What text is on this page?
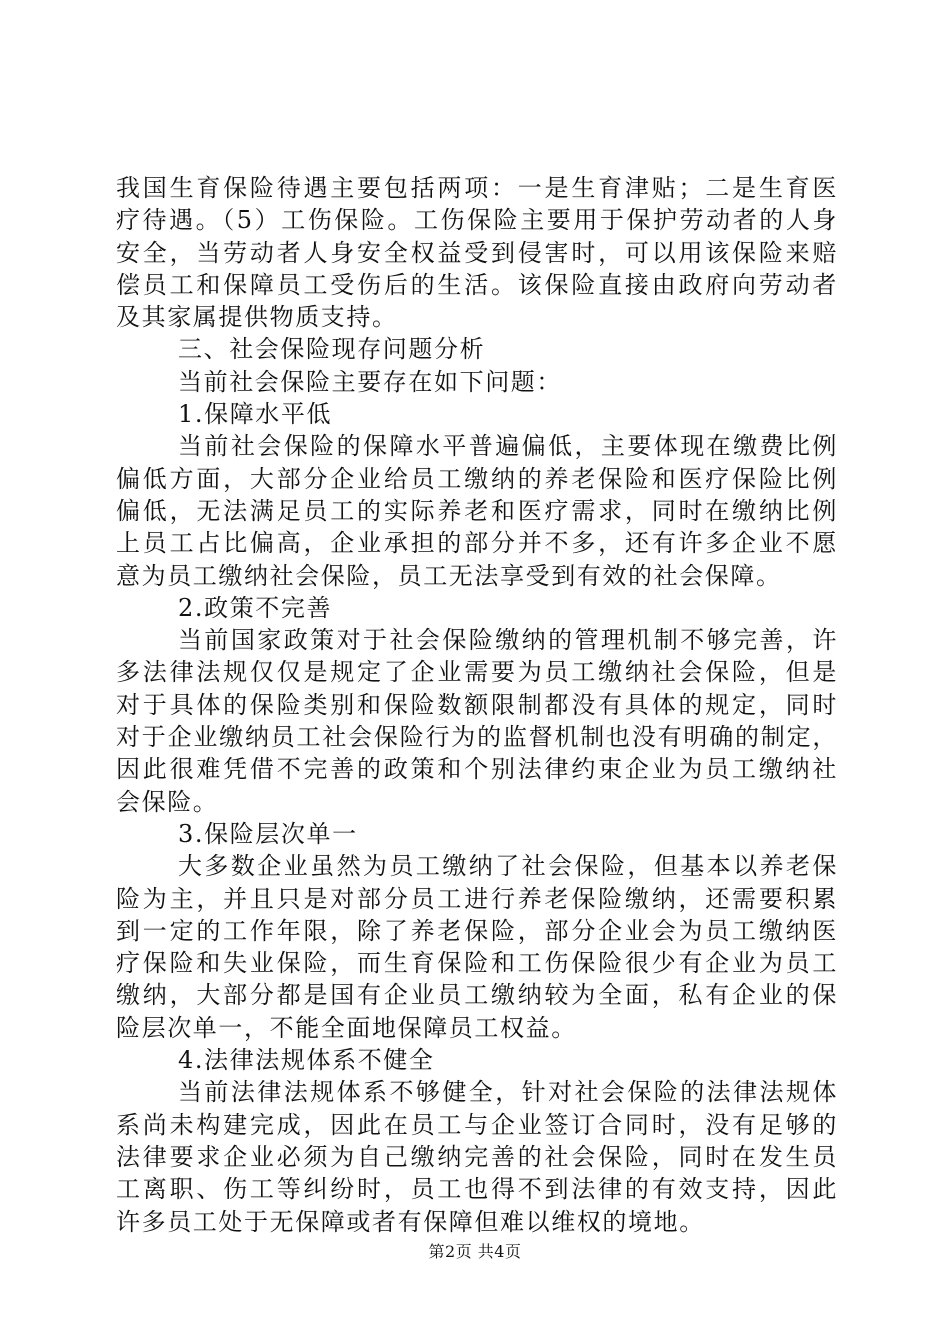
我国生育保险待遇主要包括两项：一是生育津贴；二是生育医
疗待遇。（5）工伤保险。工伤保险主要用于保护劳动者的人身
安全，当劳动者人身安全权益受到侵害时，可以用该保险来赔
偿员工和保障员工受伤后的生活。该保险直接由政府向劳动者
及其家属提供物质支持。
三、社会保险现存问题分析
当前社会保险主要存在如下问题：
1.保障水平低
当前社会保险的保障水平普遍偏低，主要体现在缴费比例
偏低方面，大部分企业给员工缴纳的养老保险和医疗保险比例
偏低，无法满足员工的实际养老和医疗需求，同时在缴纳比例
上员工占比偏高，企业承担的部分并不多，还有许多企业不愿
意为员工缴纳社会保险，员工无法享受到有效的社会保障。
2.政策不完善
当前国家政策对于社会保险缴纳的管理机制不够完善，许
多法律法规仅仅是规定了企业需要为员工缴纳社会保险，但是
对于具体的保险类别和保险数额限制都没有具体的规定，同时
对于企业缴纳员工社会保险行为的监督机制也没有明确的制定，
因此很难凭借不完善的政策和个别法律约束企业为员工缴纳社
会保险。
3.保险层次单一
大多数企业虽然为员工缴纳了社会保险，但基本以养老保
险为主，并且只是对部分员工进行养老保险缴纳，还需要积累
到一定的工作年限，除了养老保险，部分企业会为员工缴纳医
疗保险和失业保险，而生育保险和工伤保险很少有企业为员工
缴纳，大部分都是国有企业员工缴纳较为全面，私有企业的保
险层次单一，不能全面地保障员工权益。
4.法律法规体系不健全
当前法律法规体系不够健全，针对社会保险的法律法规体
系尚未构建完成，因此在员工与企业签订合同时，没有足够的
法律要求企业必须为自己缴纳完善的社会保险，同时在发生员
工离职、伤工等纠纷时，员工也得不到法律的有效支持，因此
许多员工处于无保障或者有保障但难以维权的境地。
第2页 共4页
